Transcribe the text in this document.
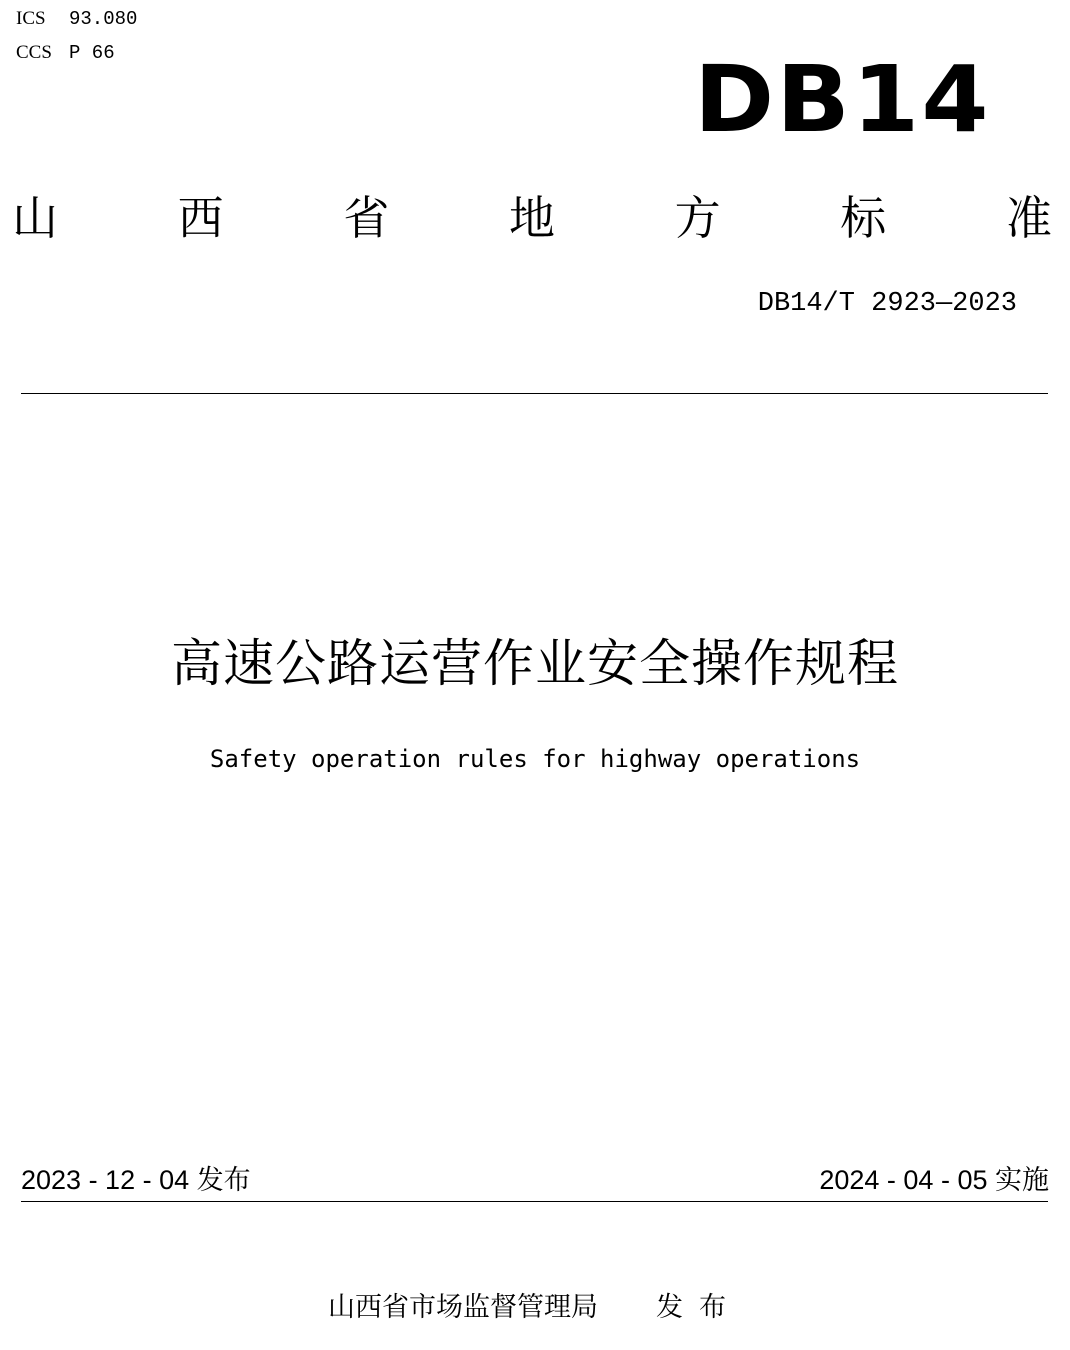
ICS 93.080
CCS P 66	DB14
山	西	省	地	方	标	准
DB14/T 2923—2023
高速公路运营作业安全操作规程
Safety operation rules for highway operations
2023 - 12 - 04 发布	2024 - 04 - 05 实施
山西省市场监督管理局 发布
